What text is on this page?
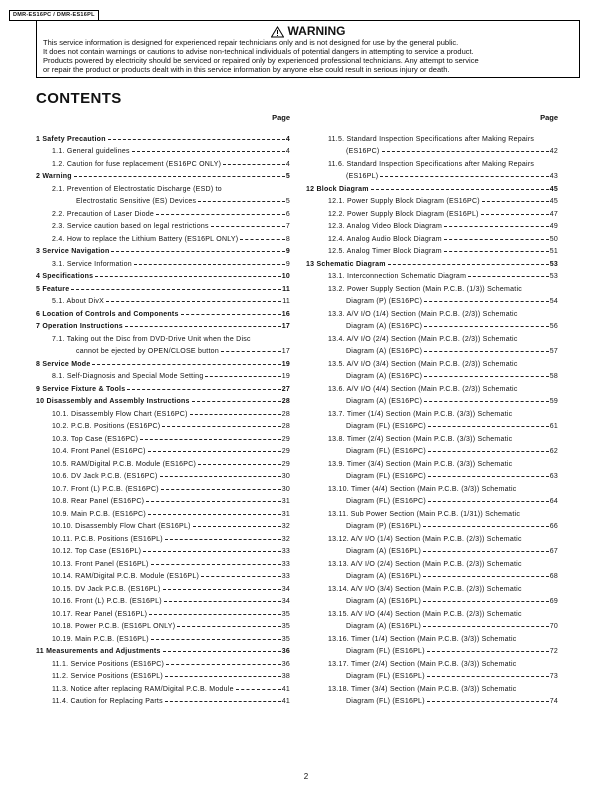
DMR-ES16PC / DMR-ES16PL
WARNING
This service information is designed for experienced repair technicians only and is not designed for use by the general public.
It does not contain warnings or cautions to advise non-technical individuals of potential dangers in attempting to service a product.
Products powered by electricity should be serviced or repaired only by experienced professional technicians. Any attempt to service
or repair the product or products dealt with in this service information by anyone else could result in serious injury or death.
CONTENTS
Page
1 Safety Precaution	4
1.1. General guidelines	4
1.2. Caution for fuse replacement (ES16PC ONLY)	4
2 Warning	5
2.1. Prevention of Electrostatic Discharge (ESD) to
Electrostatic Sensitive (ES) Devices	5
2.2. Precaution of Laser Diode	6
2.3. Service caution based on legal restrictions	7
2.4. How to replace the Lithium Battery (ES16PL ONLY)	8
3 Service Navigation	9
3.1. Service Information	9
4 Specifications	10
5 Feature	11
5.1. About DivX	11
6 Location of Controls and Components	16
7 Operation Instructions	17
7.1. Taking out the Disc from DVD-Drive Unit when the Disc
cannot be ejected by OPEN/CLOSE button	17
8 Service Mode	19
8.1. Self-Diagnosis and Special Mode Setting	19
9 Service Fixture & Tools	27
10 Disassembly and Assembly Instructions	28
10.1. Disassembly Flow Chart (ES16PC)	28
10.2. P.C.B. Positions (ES16PC)	28
10.3. Top Case (ES16PC)	29
10.4. Front Panel (ES16PC)	29
10.5. RAM/Digital P.C.B. Module (ES16PC)	29
10.6. DV Jack P.C.B. (ES16PC)	30
10.7. Front (L) P.C.B. (ES16PC)	30
10.8. Rear Panel (ES16PC)	31
10.9. Main P.C.B. (ES16PC)	31
10.10. Disassembly Flow Chart (ES16PL)	32
10.11. P.C.B. Positions (ES16PL)	32
10.12. Top Case (ES16PL)	33
10.13. Front Panel (ES16PL)	33
10.14. RAM/Digital P.C.B. Module (ES16PL)	33
10.15. DV Jack P.C.B. (ES16PL)	34
10.16. Front (L) P.C.B. (ES16PL)	34
10.17. Rear Panel (ES16PL)	35
10.18. Power P.C.B. (ES16PL ONLY)	35
10.19. Main P.C.B. (ES16PL)	35
11 Measurements and Adjustments	36
11.1. Service Positions (ES16PC)	36
11.2. Service Positions (ES16PL)	38
11.3. Notice after replacing RAM/Digital P.C.B. Module	41
11.4. Caution for Replacing Parts	41
Page
11.5. Standard Inspection Specifications after Making Repairs
(ES16PC)	42
11.6. Standard Inspection Specifications after Making Repairs
(ES16PL)	43
12 Block Diagram	45
12.1. Power Supply Block Diagram (ES16PC)	45
12.2. Power Supply Block Diagram (ES16PL)	47
12.3. Analog Video Block Diagram	49
12.4. Analog Audio Block Diagram	50
12.5. Analog Timer Block Diagram	51
13 Schematic Diagram	53
13.1. Interconnection Schematic Diagram	53
13.2. Power Supply Section (Main P.C.B. (1/3)) Schematic
Diagram (P) (ES16PC)	54
13.3. A/V I/O (1/4) Section (Main P.C.B. (2/3)) Schematic
Diagram (A) (ES16PC)	56
13.4. A/V I/O (2/4) Section (Main P.C.B. (2/3)) Schematic
Diagram (A) (ES16PC)	57
13.5. A/V I/O (3/4) Section (Main P.C.B. (2/3)) Schematic
Diagram (A) (ES16PC)	58
13.6. A/V I/O (4/4) Section (Main P.C.B. (2/3)) Schematic
Diagram (A) (ES16PC)	59
13.7. Timer (1/4) Section (Main P.C.B. (3/3)) Schematic
Diagram (FL) (ES16PC)	61
13.8. Timer (2/4) Section (Main P.C.B. (3/3)) Schematic
Diagram (FL) (ES16PC)	62
13.9. Timer (3/4) Section (Main P.C.B. (3/3)) Schematic
Diagram (FL) (ES16PC)	63
13.10. Timer (4/4) Section (Main P.C.B. (3/3)) Schematic
Diagram (FL) (ES16PC)	64
13.11. Sub Power Section (Main P.C.B. (1/31)) Schematic
Diagram (P) (ES16PL)	66
13.12. A/V I/O (1/4) Section (Main P.C.B. (2/3)) Schematic
Diagram (A) (ES16PL)	67
13.13. A/V I/O (2/4) Section (Main P.C.B. (2/3)) Schematic
Diagram (A) (ES16PL)	68
13.14. A/V I/O (3/4) Section (Main P.C.B. (2/3)) Schematic
Diagram (A) (ES16PL)	69
13.15. A/V I/O (4/4) Section (Main P.C.B. (2/3)) Schematic
Diagram (A) (ES16PL)	70
13.16. Timer (1/4) Section (Main P.C.B. (3/3)) Schematic
Diagram (FL) (ES16PL)	72
13.17. Timer (2/4) Section (Main P.C.B. (3/3)) Schematic
Diagram (FL) (ES16PL)	73
13.18. Timer (3/4) Section (Main P.C.B. (3/3)) Schematic
Diagram (FL) (ES16PL)	74
2
